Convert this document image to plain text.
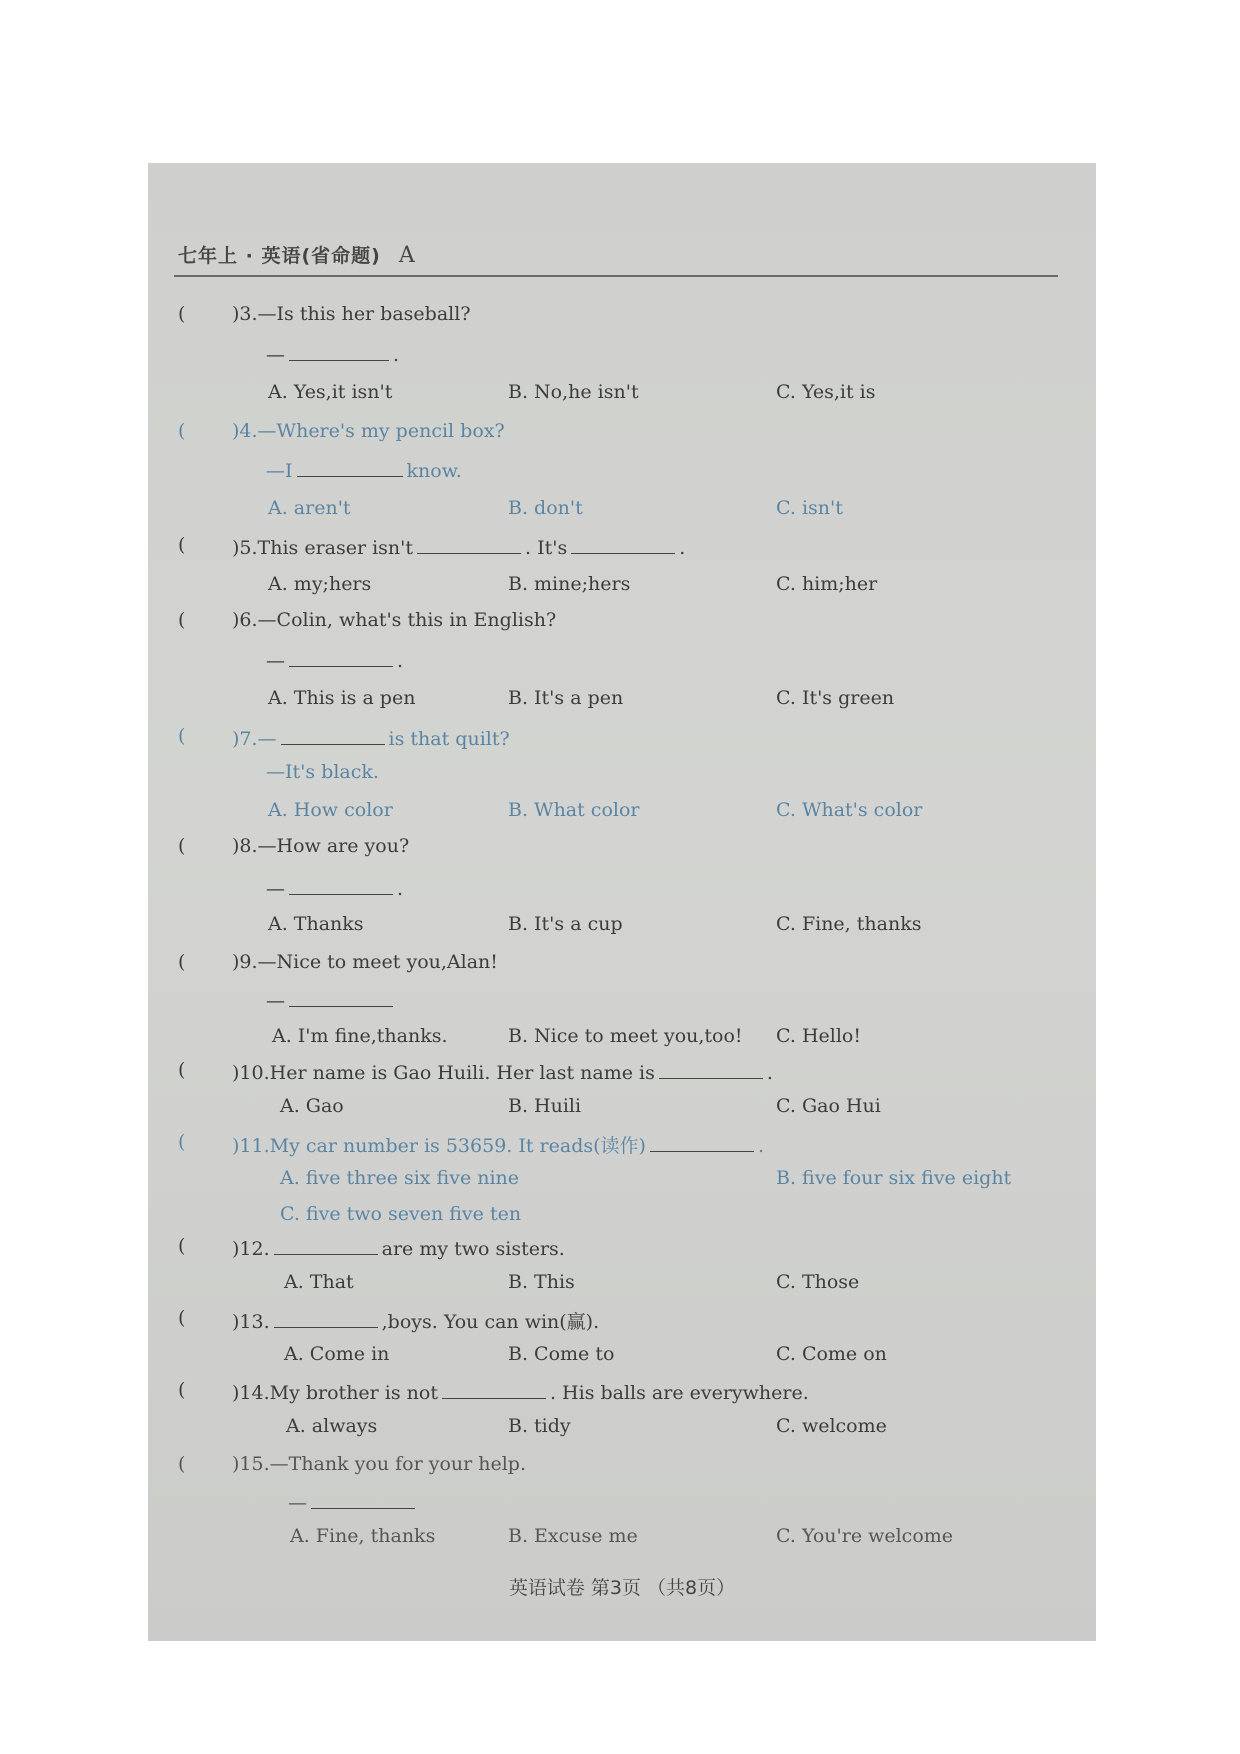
七年上 · 英语(省命题) A
( )3.—Is this her baseball?
—	.
A. Yes,it isn't	B. No,he isn't	C. Yes,it is
( )4.—Where's my pencil box?
—I	know.
A. aren't	B. don't	C. isn't
( )5.This eraser isn't	. It's	.
A. my;hers	B. mine;hers	C. him;her
( )6.—Colin, what's this in English?
—	.
A. This is a pen	B. It's a pen	C. It's green
( )7.—	is that quilt?
—It's black.
A. How color	B. What color	C. What's color
( )8.—How are you?
—	.
A. Thanks	B. It's a cup	C. Fine, thanks
( )9.—Nice to meet you,Alan!
—
A. I'm fine,thanks.	B. Nice to meet you,too! C. Hello!
( )10.Her name is Gao Huili. Her last name is	.
A. Gao	B. Huili	C. Gao Hui
( )11.My car number is 53659. It reads(读作)	.
A. five three six five nine	B. five four six five eight
C. five two seven five ten
( )12.	are my two sisters.
A. That	B. This	C. Those
( )13.	,boys. You can win(赢).
A. Come in	B. Come to	C. Come on
( )14.My brother is not	. His balls are everywhere.
A. always	B. tidy	C. welcome
( )15.—Thank you for your help.
—
A. Fine, thanks	B. Excuse me	C. You're welcome
英语试卷 第3页 （共8页）
